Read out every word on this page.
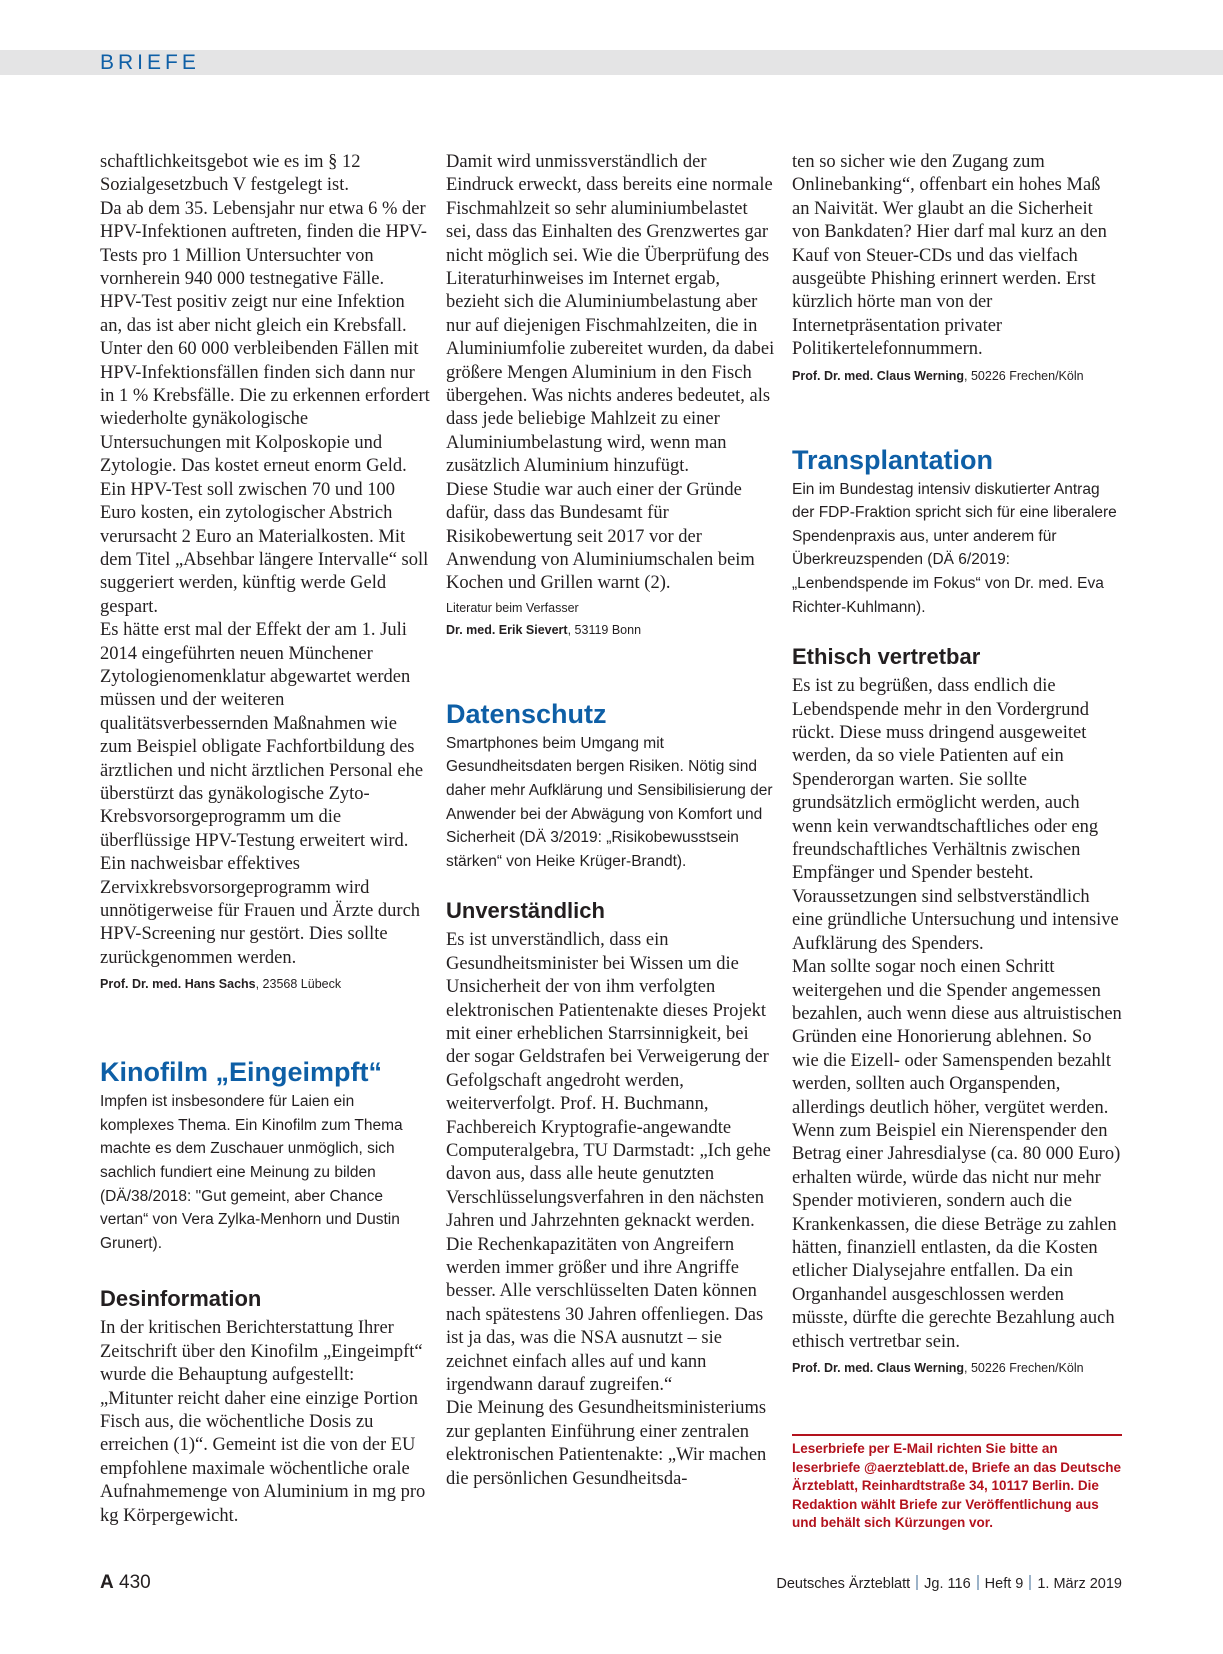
BRIEFE

schaftlichkeitsgebot wie es im § 12 Sozialgesetzbuch V festgelegt ist.

Da ab dem 35. Lebensjahr nur etwa 6 % der HPV-Infektionen auftreten, finden die HPV-Tests pro 1 Million Untersuchter von vornherein 940 000 testnegative Fälle. HPV-Test positiv zeigt nur eine Infektion an, das ist aber nicht gleich ein Krebsfall.

Unter den 60 000 verbleibenden Fällen mit HPV-Infektionsfällen finden sich dann nur in 1 % Krebsfälle. Die zu erkennen erfordert wiederholte gynäkologische Untersuchungen mit Kolposkopie und Zytologie. Das kostet erneut enorm Geld.

Ein HPV-Test soll zwischen 70 und 100 Euro kosten, ein zytologischer Abstrich verursacht 2 Euro an Materialkosten. Mit dem Titel „Absehbar längere Intervalle“ soll suggeriert werden, künftig werde Geld gespart.

Es hätte erst mal der Effekt der am 1. Juli 2014 eingeführten neuen Münchener Zytologienomenklatur abgewartet werden müssen und der weiteren qualitätsverbessernden Maßnahmen wie zum Beispiel obligate Fachfortbildung des ärztlichen und nicht ärztlichen Personal ehe überstürzt das gynäkologische Zyto-Krebsvorsorgeprogramm um die überflüssige HPV-Testung erweitert wird.

Ein nachweisbar effektives Zervixkrebsvorsorgeprogramm wird unnötigerweise für Frauen und Ärzte durch HPV-Screening nur gestört. Dies sollte zurückgenommen werden.

Prof. Dr. med. Hans Sachs, 23568 Lübeck

Kinofilm „Eingeimpft“

Impfen ist insbesondere für Laien ein komplexes Thema. Ein Kinofilm zum Thema machte es dem Zuschauer unmöglich, sich sachlich fundiert eine Meinung zu bilden (DÄ/38/2018: "Gut gemeint, aber Chance vertan“ von Vera Zylka-Menhorn und Dustin Grunert).

Desinformation

In der kritischen Berichterstattung Ihrer Zeitschrift über den Kinofilm „Eingeimpft“ wurde die Behauptung aufgestellt: „Mitunter reicht daher eine einzige Portion Fisch aus, die wöchentliche Dosis zu erreichen (1)“. Gemeint ist die von der EU empfohlene maximale wöchentliche orale Aufnahmemenge von Aluminium in mg pro kg Körpergewicht.

Damit wird unmissverständlich der Eindruck erweckt, dass bereits eine normale Fischmahlzeit so sehr aluminiumbelastet sei, dass das Einhalten des Grenzwertes gar nicht möglich sei. Wie die Überprüfung des Literaturhinweises im Internet ergab, bezieht sich die Aluminiumbelastung aber nur auf diejenigen Fischmahlzeiten, die in Aluminiumfolie zubereitet wurden, da dabei größere Mengen Aluminium in den Fisch übergehen. Was nichts anderes bedeutet, als dass jede beliebige Mahlzeit zu einer Aluminiumbelastung wird, wenn man zusätzlich Aluminium hinzufügt.

Diese Studie war auch einer der Gründe dafür, dass das Bundesamt für Risikobewertung seit 2017 vor der Anwendung von Aluminiumschalen beim Kochen und Grillen warnt (2).

Literatur beim Verfasser

Dr. med. Erik Sievert, 53119 Bonn

Datenschutz

Smartphones beim Umgang mit Gesundheitsdaten bergen Risiken. Nötig sind daher mehr Aufklärung und Sensibilisierung der Anwender bei der Abwägung von Komfort und Sicherheit (DÄ 3/2019: „Risikobewusstsein stärken“ von Heike Krüger-Brandt).

Unverständlich

Es ist unverständlich, dass ein Gesundheitsminister bei Wissen um die Unsicherheit der von ihm verfolgten elektronischen Patientenakte dieses Projekt mit einer erheblichen Starrsinnigkeit, bei der sogar Geldstrafen bei Verweigerung der Gefolgschaft angedroht werden, weiterverfolgt. Prof. H. Buchmann, Fachbereich Kryptografie-angewandte Computeralgebra, TU Darmstadt: „Ich gehe davon aus, dass alle heute genutzten Verschlüsselungsverfahren in den nächsten Jahren und Jahrzehnten geknackt werden. Die Rechenkapazitäten von Angreifern werden immer größer und ihre Angriffe besser. Alle verschlüsselten Daten können nach spätestens 30 Jahren offenliegen. Das ist ja das, was die NSA ausnutzt – sie zeichnet einfach alles auf und kann irgendwann darauf zugreifen.“

Die Meinung des Gesundheitsministeriums zur geplanten Einführung einer zentralen elektronischen Patientenakte: „Wir machen die persönlichen Gesundheitsda-

ten so sicher wie den Zugang zum Onlinebanking“, offenbart ein hohes Maß an Naivität. Wer glaubt an die Sicherheit von Bankdaten? Hier darf mal kurz an den Kauf von Steuer-CDs und das vielfach ausgeübte Phishing erinnert werden. Erst kürzlich hörte man von der Internetpräsentation privater Politikertelefonnummern.

Prof. Dr. med. Claus Werning, 50226 Frechen/Köln

Transplantation

Ein im Bundestag intensiv diskutierter Antrag der FDP-Fraktion spricht sich für eine liberalere Spendenpraxis aus, unter anderem für Überkreuzspenden (DÄ 6/2019: „Lenbendspende im Fokus“ von Dr. med. Eva Richter-Kuhlmann).

Ethisch vertretbar

Es ist zu begrüßen, dass endlich die Lebendspende mehr in den Vordergrund rückt. Diese muss dringend ausgeweitet werden, da so viele Patienten auf ein Spenderorgan warten. Sie sollte grundsätzlich ermöglicht werden, auch wenn kein verwandtschaftliches oder eng freundschaftliches Verhältnis zwischen Empfänger und Spender besteht. Voraussetzungen sind selbstverständlich eine gründliche Untersuchung und intensive Aufklärung des Spenders.

Man sollte sogar noch einen Schritt weitergehen und die Spender angemessen bezahlen, auch wenn diese aus altruistischen Gründen eine Honorierung ablehnen. So wie die Eizell- oder Samenspenden bezahlt werden, sollten auch Organspenden, allerdings deutlich höher, vergütet werden. Wenn zum Beispiel ein Nierenspender den Betrag einer Jahresdialyse (ca. 80 000 Euro) erhalten würde, würde das nicht nur mehr Spender motivieren, sondern auch die Krankenkassen, die diese Beträge zu zahlen hätten, finanziell entlasten, da die Kosten etlicher Dialysejahre entfallen. Da ein Organhandel ausgeschlossen werden müsste, dürfte die gerechte Bezahlung auch ethisch vertretbar sein.

Prof. Dr. med. Claus Werning, 50226 Frechen/Köln

Leserbriefe per E-Mail richten Sie bitte an leserbriefe @aerzteblatt.de, Briefe an das Deutsche Ärzteblatt, Reinhardtstraße 34, 10117 Berlin. Die Redaktion wählt Briefe zur Veröffentlichung aus und behält sich Kürzungen vor.
A 430	Deutsches Ärzteblatt Jg. 116 Heft 9 1. März 2019
